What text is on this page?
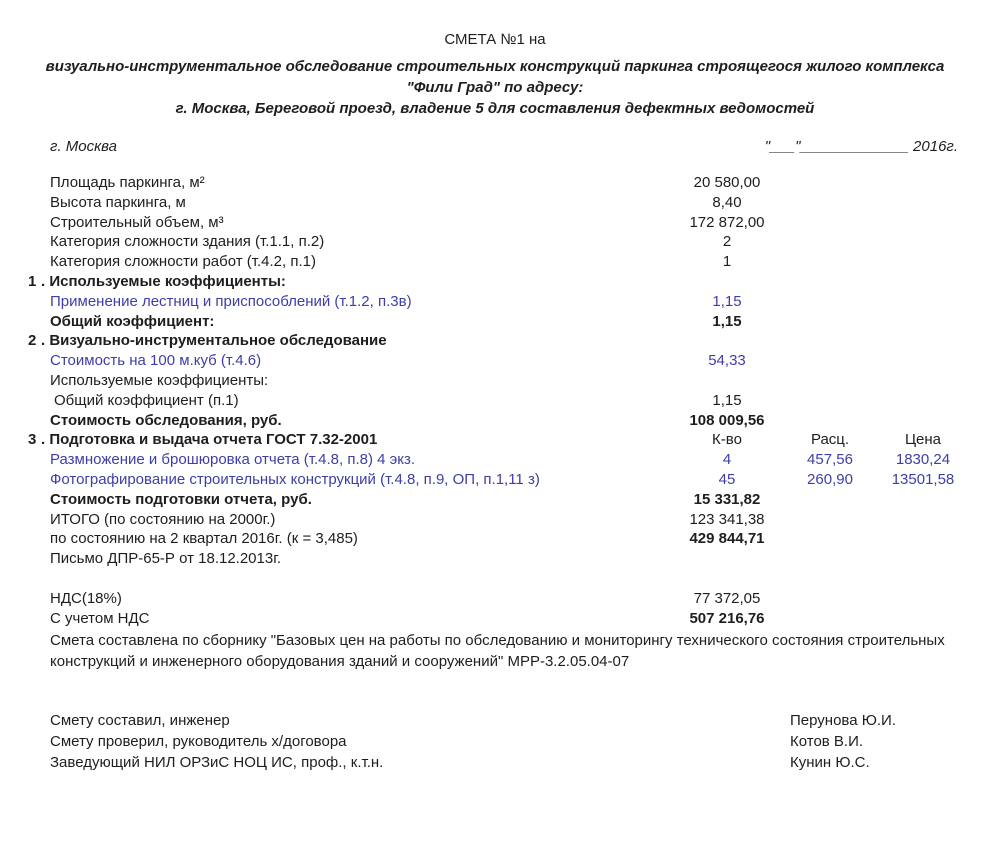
СМЕТА №1 на
визуально-инструментальное обследование строительных конструкций паркинга строящегося жилого комплекса
"Фили Град" по адресу:
г. Москва, Береговой проезд, владение 5 для составления дефектных ведомостей
г. Москва	"___"_____________ 2016г.
Площадь паркинга, м²	20 580,00
Высота паркинга, м	8,40
Строительный объем, м³	172 872,00
Категория сложности здания (т.1.1, п.2)	2
Категория сложности работ (т.4.2, п.1)	1
1 . Используемые коэффициенты:
Применение лестниц и приспособлений (т.1.2, п.3в)	1,15
Общий коэффициент:	1,15
2 . Визуально-инструментальное обследование
Стоимость на 100 м.куб (т.4.6)	54,33
Используемые коэффициенты:
Общий коэффициент (п.1)	1,15
Стоимость обследования, руб.	108 009,56
3 . Подготовка и выдача отчета ГОСТ 7.32-2001	К-во	Расц.	Цена
Размножение и брошюровка отчета (т.4.8, п.8) 4 экз.	4	457,56	1830,24
Фотографирование строительных конструкций (т.4.8, п.9, ОП, п.1,11 з)	45	260,90	13501,58
Стоимость подготовки отчета, руб.	15 331,82
ИТОГО (по состоянию на 2000г.)	123 341,38
по состоянию на 2 квартал 2016г. (к = 3,485)	429 844,71
Письмо ДПР-65-Р от 18.12.2013г.
НДС(18%)	77 372,05
С учетом НДС	507 216,76
Смета составлена по сборнику "Базовых цен на работы по обследованию и мониторингу технического состояния строительных конструкций и инженерного оборудования зданий и сооружений" МРР-3.2.05.04-07
Смету составил, инженер	Перунова Ю.И.
Смету проверил, руководитель х/договора	Котов В.И.
Заведующий НИЛ ОРЗиС НОЦ ИС, проф., к.т.н.	Кунин Ю.С.
